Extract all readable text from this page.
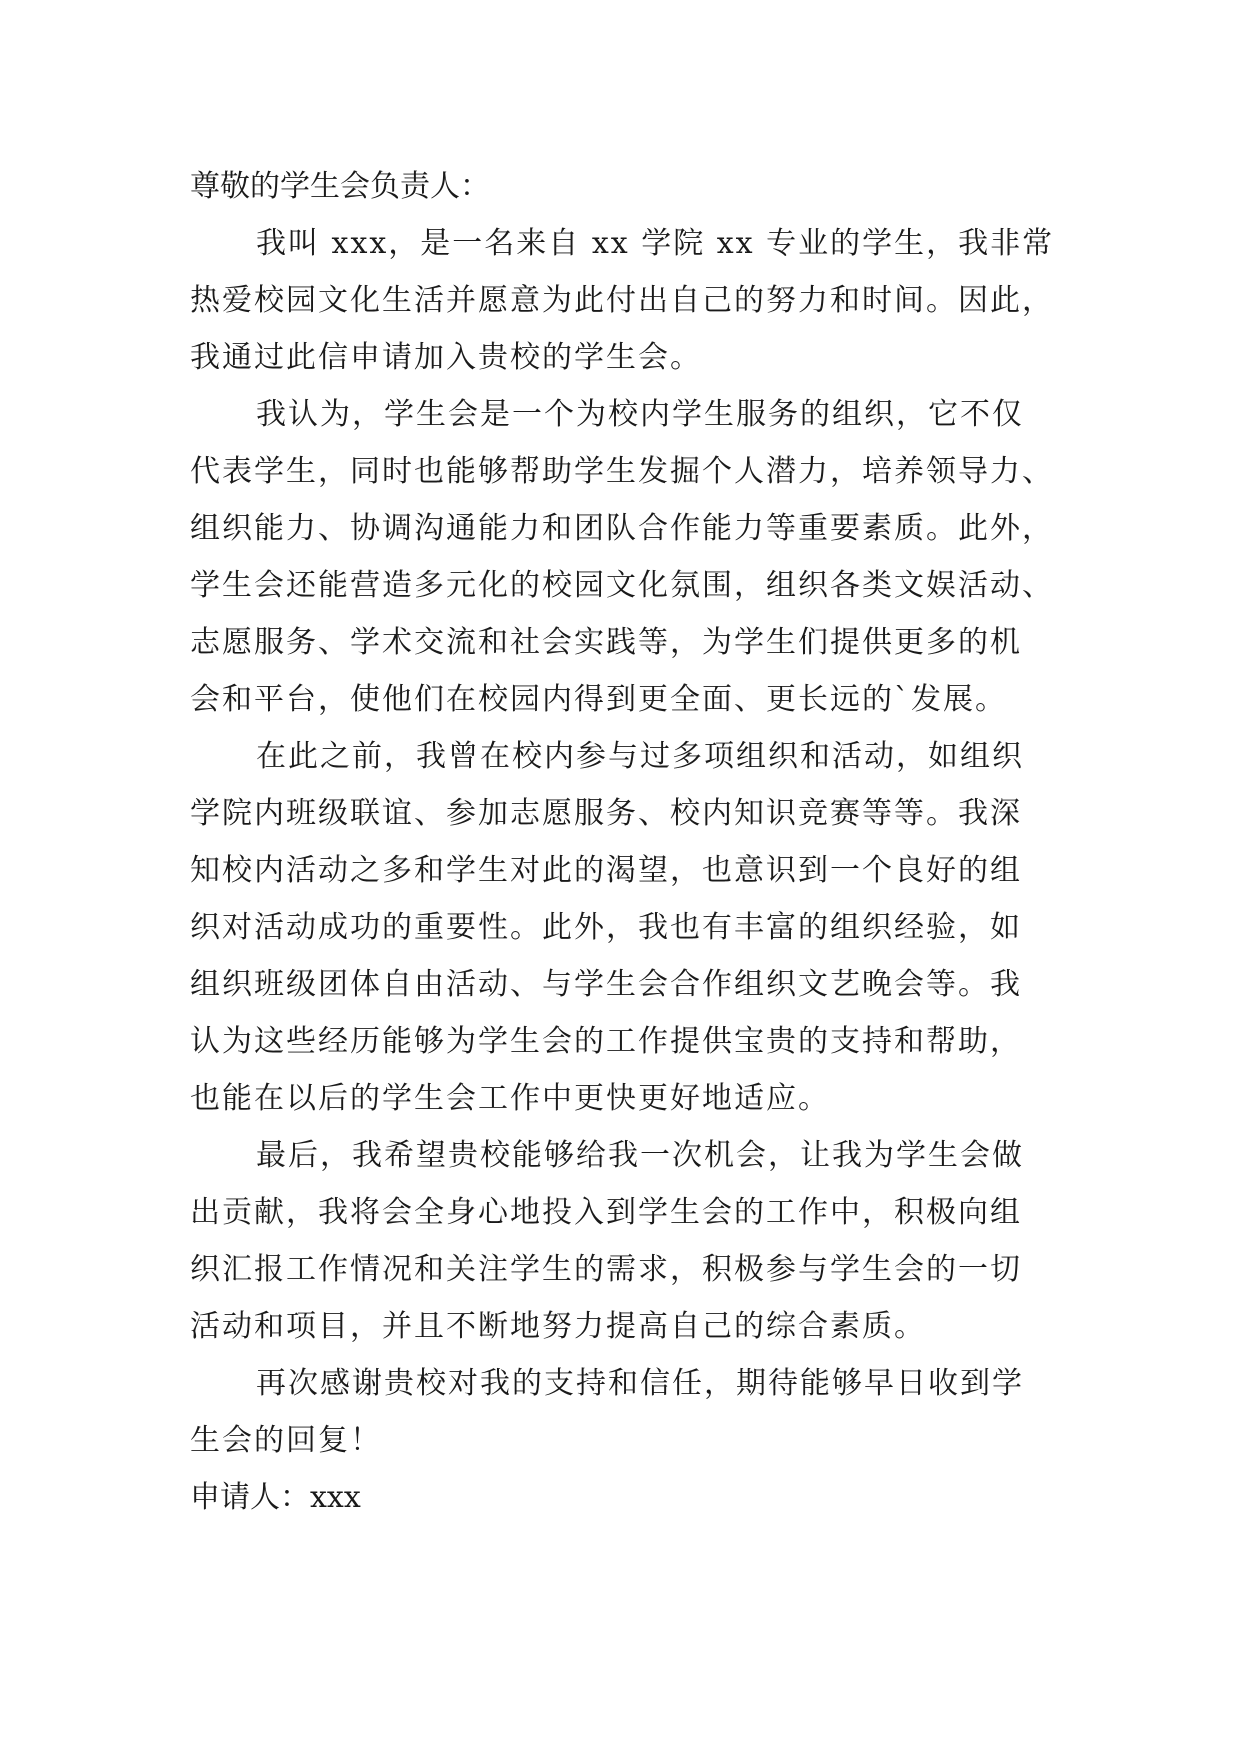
尊敬的学生会负责人：

我叫 xxx，是一名来自 xx 学院 xx 专业的学生，我非常
热爱校园文化生活并愿意为此付出自己的努力和时间。因此，
我通过此信申请加入贵校的学生会。

我认为，学生会是一个为校内学生服务的组织，它不仅
代表学生，同时也能够帮助学生发掘个人潜力，培养领导力、
组织能力、协调沟通能力和团队合作能力等重要素质。此外，
学生会还能营造多元化的校园文化氛围，组织各类文娱活动、
志愿服务、学术交流和社会实践等，为学生们提供更多的机
会和平台，使他们在校园内得到更全面、更长远的`发展。

在此之前，我曾在校内参与过多项组织和活动，如组织
学院内班级联谊、参加志愿服务、校内知识竞赛等等。我深
知校内活动之多和学生对此的渴望，也意识到一个良好的组
织对活动成功的重要性。此外，我也有丰富的组织经验，如
组织班级团体自由活动、与学生会合作组织文艺晚会等。我
认为这些经历能够为学生会的工作提供宝贵的支持和帮助，
也能在以后的学生会工作中更快更好地适应。

最后，我希望贵校能够给我一次机会，让我为学生会做
出贡献，我将会全身心地投入到学生会的工作中，积极向组
织汇报工作情况和关注学生的需求，积极参与学生会的一切
活动和项目，并且不断地努力提高自己的综合素质。

再次感谢贵校对我的支持和信任，期待能够早日收到学
生会的回复！

申请人：xxx
